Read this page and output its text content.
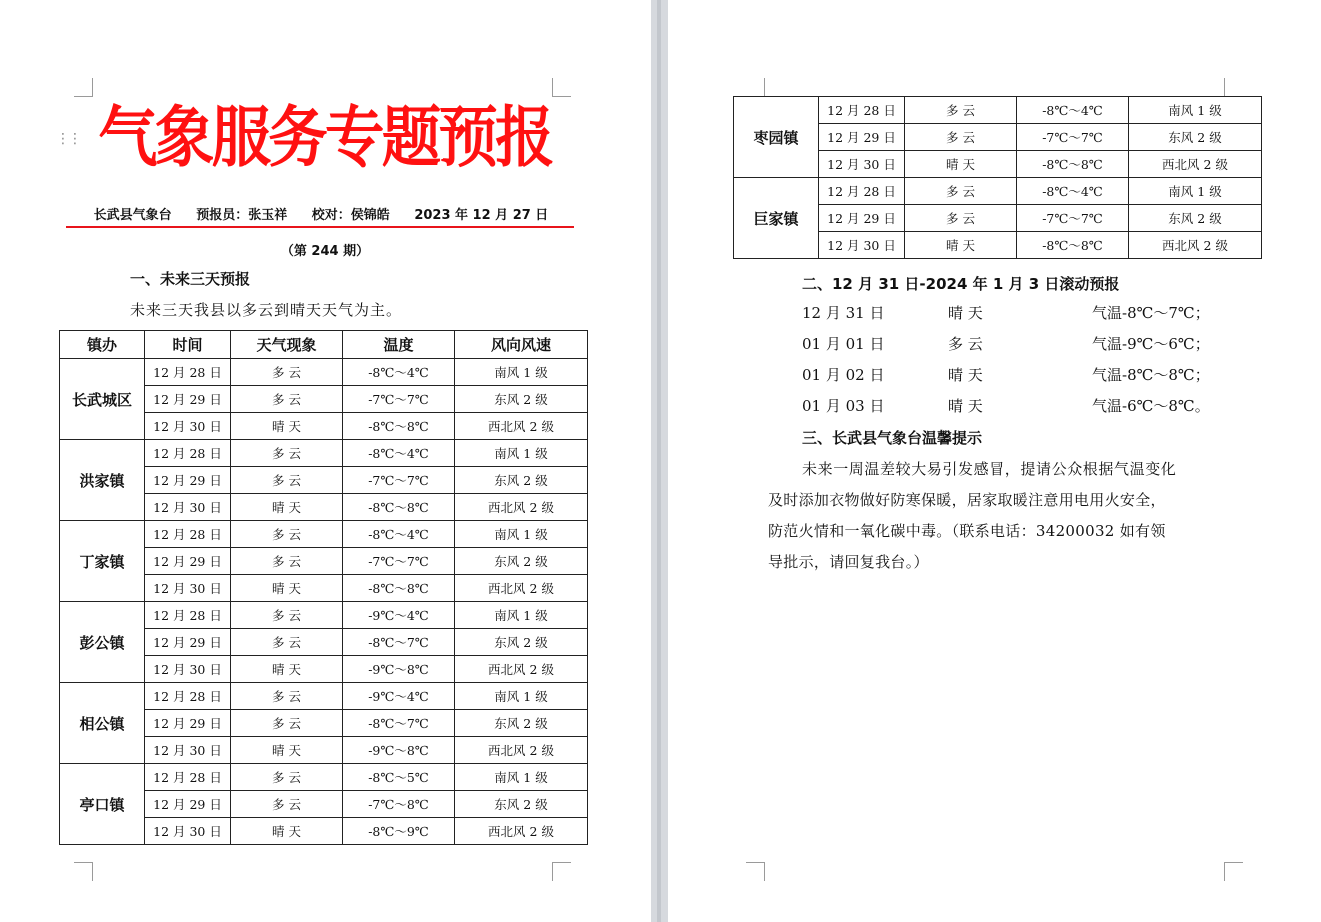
⋮⋮ 气象服务专题预报
长武县气象台 预报员：张玉祥 校对：侯锦皓 2023 年 12 月 27 日
（第 244 期）
一、未来三天预报
未来三天我县以多云到晴天天气为主。
镇办	时间	天气现象	温度	风向风速
长武城区	12 月 28 日	多 云	-8℃～4℃	南风 1 级
	12 月 29 日	多 云	-7℃～7℃	东风 2 级
	12 月 30 日	晴 天	-8℃～8℃	西北风 2 级
洪家镇	12 月 28 日	多 云	-8℃～4℃	南风 1 级
	12 月 29 日	多 云	-7℃～7℃	东风 2 级
	12 月 30 日	晴 天	-8℃～8℃	西北风 2 级
丁家镇	12 月 28 日	多 云	-8℃～4℃	南风 1 级
	12 月 29 日	多 云	-7℃～7℃	东风 2 级
	12 月 30 日	晴 天	-8℃～8℃	西北风 2 级
彭公镇	12 月 28 日	多 云	-9℃～4℃	南风 1 级
	12 月 29 日	多 云	-8℃～7℃	东风 2 级
	12 月 30 日	晴 天	-9℃～8℃	西北风 2 级
相公镇	12 月 28 日	多 云	-9℃～4℃	南风 1 级
	12 月 29 日	多 云	-8℃～7℃	东风 2 级
	12 月 30 日	晴 天	-9℃～8℃	西北风 2 级
亭口镇	12 月 28 日	多 云	-8℃～5℃	南风 1 级
	12 月 29 日	多 云	-7℃～8℃	东风 2 级
	12 月 30 日	晴 天	-8℃～9℃	西北风 2 级
枣园镇	12 月 28 日	多 云	-8℃～4℃	南风 1 级
	12 月 29 日	多 云	-7℃～7℃	东风 2 级
	12 月 30 日	晴 天	-8℃～8℃	西北风 2 级
巨家镇	12 月 28 日	多 云	-8℃～4℃	南风 1 级
	12 月 29 日	多 云	-7℃～7℃	东风 2 级
	12 月 30 日	晴 天	-8℃～8℃	西北风 2 级
二、12 月 31 日-2024 年 1 月 3 日滚动预报
12 月 31 日	晴 天	气温-8℃～7℃；
01 月 01 日	多 云	气温-9℃～6℃；
01 月 02 日	晴 天	气温-8℃～8℃；
01 月 03 日	晴 天	气温-6℃～8℃。
三、长武县气象台温馨提示
未来一周温差较大易引发感冒，提请公众根据气温变化
及时添加衣物做好防寒保暖，居家取暖注意用电用火安全，
防范火情和一氧化碳中毒。（联系电话：34200032 如有领
导批示，请回复我台。）
